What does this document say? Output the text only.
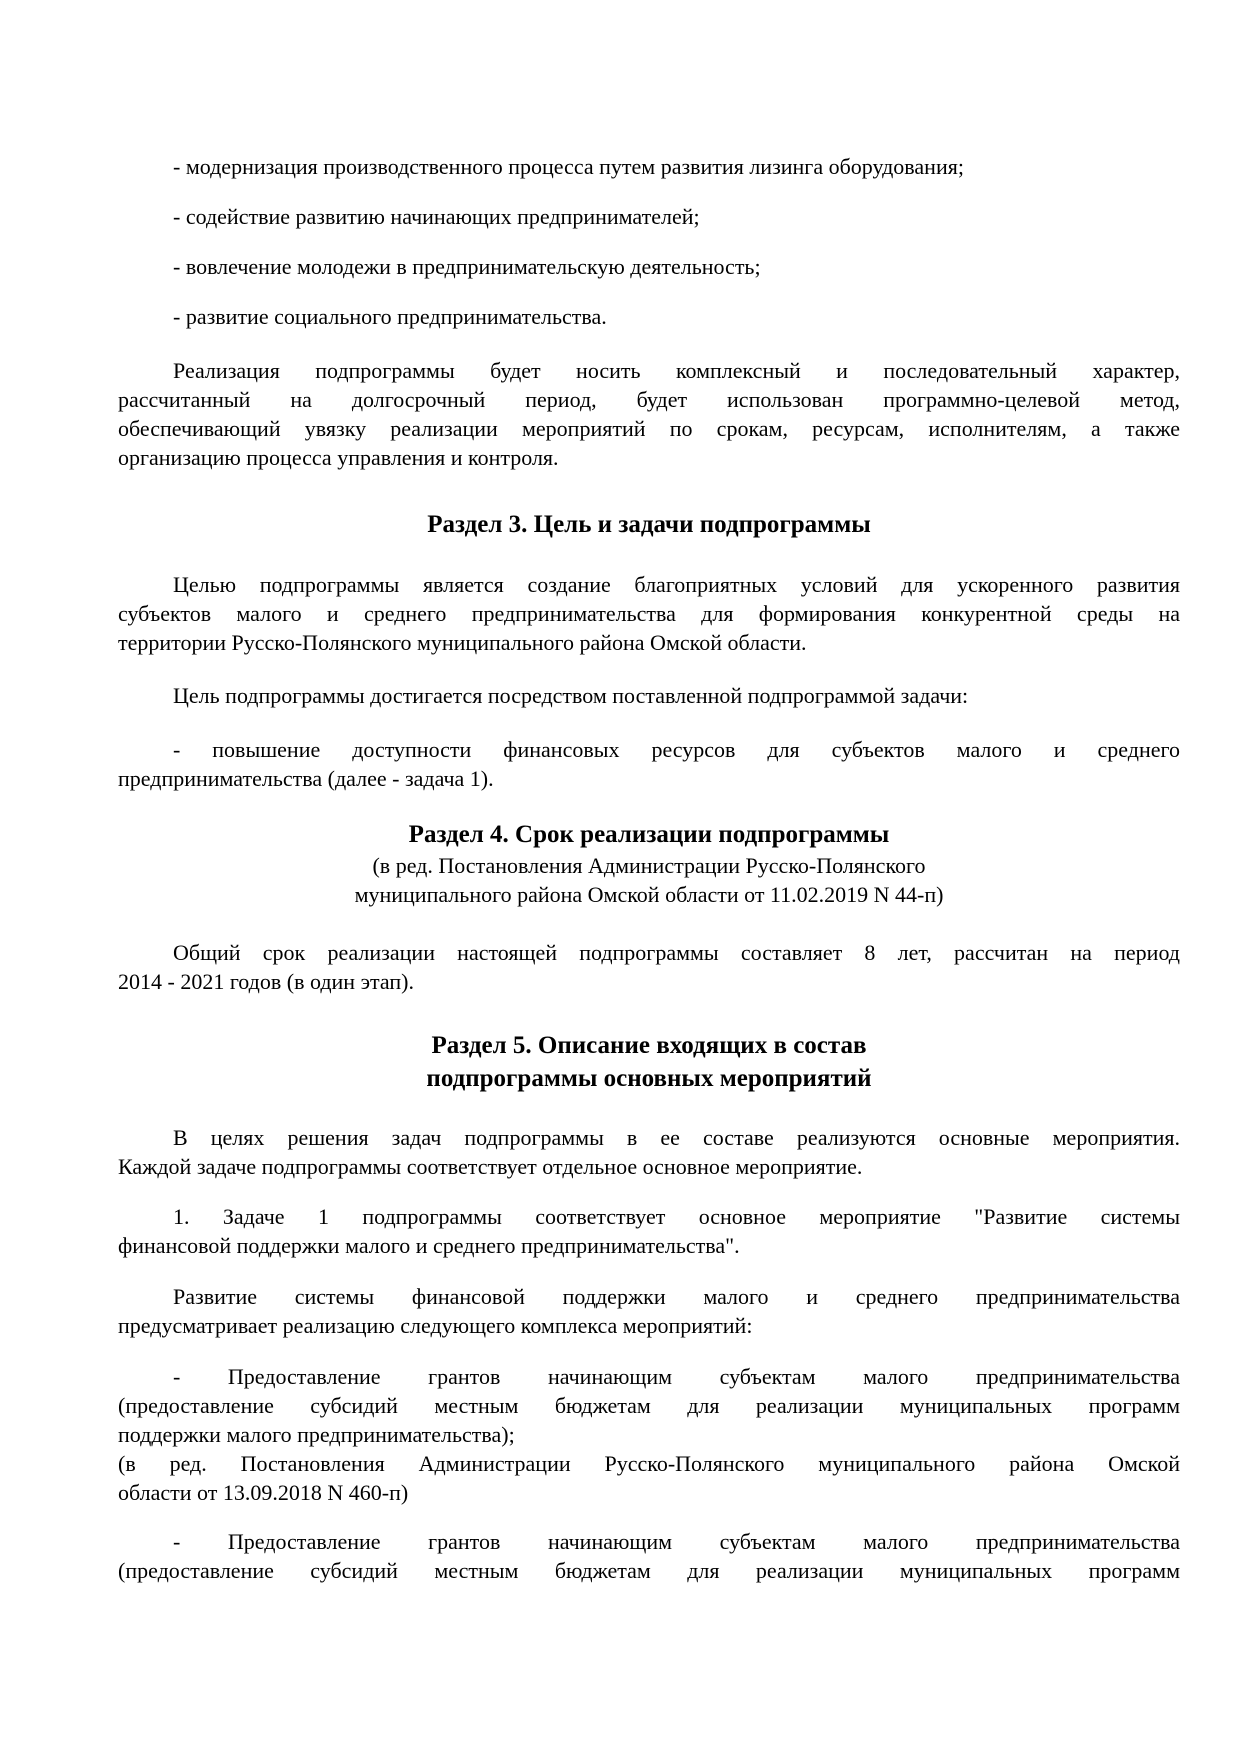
- модернизация производственного процесса путем развития лизинга оборудования;

- содействие развитию начинающих предпринимателей;

- вовлечение молодежи в предпринимательскую деятельность;

- развитие социального предпринимательства.

Реализация подпрограммы будет носить комплексный и последовательный характер,
рассчитанный на долгосрочный период, будет использован программно-целевой метод,
обеспечивающий увязку реализации мероприятий по срокам, ресурсам, исполнителям, а также
организацию процесса управления и контроля.
Раздел 3. Цель и задачи подпрограммы
Целью подпрограммы является создание благоприятных условий для ускоренного развития
субъектов малого и среднего предпринимательства для формирования конкурентной среды на
территории Русско-Полянского муниципального района Омской области.

Цель подпрограммы достигается посредством поставленной подпрограммой задачи:

- повышение доступности финансовых ресурсов для субъектов малого и среднего
предпринимательства (далее - задача 1).
Раздел 4. Срок реализации подпрограммы
(в ред. Постановления Администрации Русско-Полянского
муниципального района Омской области от 11.02.2019 N 44-п)
Общий срок реализации настоящей подпрограммы составляет 8 лет, рассчитан на период
2014 - 2021 годов (в один этап).
Раздел 5. Описание входящих в состав
подпрограммы основных мероприятий
В целях решения задач подпрограммы в ее составе реализуются основные мероприятия.
Каждой задаче подпрограммы соответствует отдельное основное мероприятие.
1. Задаче 1 подпрограммы соответствует основное мероприятие "Развитие системы
финансовой поддержки малого и среднего предпринимательства".
Развитие системы финансовой поддержки малого и среднего предпринимательства
предусматривает реализацию следующего комплекса мероприятий:
- Предоставление грантов начинающим субъектам малого предпринимательства
(предоставление субсидий местным бюджетам для реализации муниципальных программ
поддержки малого предпринимательства);
(в ред. Постановления Администрации Русско-Полянского муниципального района Омской
области от 13.09.2018 N 460-п)
- Предоставление грантов начинающим субъектам малого предпринимательства
(предоставление субсидий местным бюджетам для реализации муниципальных программ
